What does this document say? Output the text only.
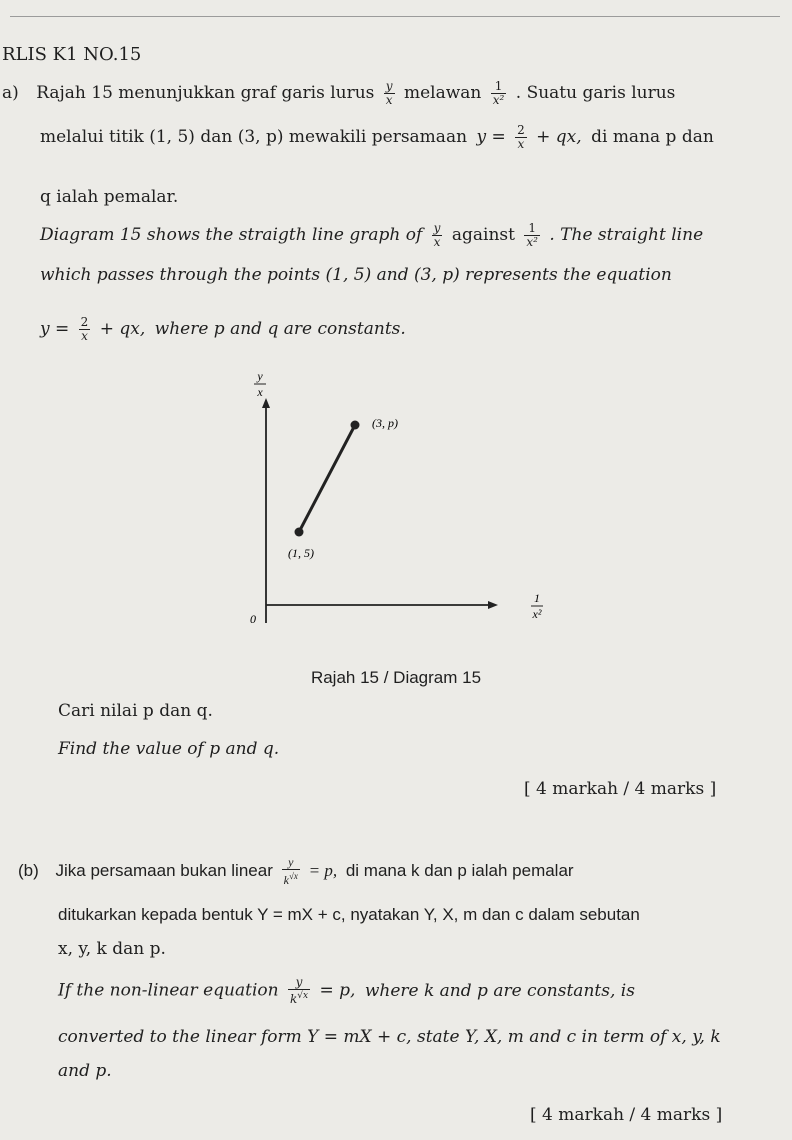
RLIS K1 NO.15
a) Rajah 15 menunjukkan graf garis lurus $\frac{y}{x}$ melawan $\frac{1}{\text{x²}}$ . Suatu garis lurus
melalui titik (1, 5) dan (3, p) mewakili persamaan $y = \frac{2}{x}$ + qx, di mana p dan
q ialah pemalar.
Diagram 15 shows the straigth line graph of $\frac{y}{x}$ against $\frac{1}{\text{x²}}$ . The straight line
which passes through the points (1, 5) and (3, p) represents the equation
$y = \frac{2}{x}$ + qx, where p and q are constants.
y
x
0
1
x²
(1, 5)
(3, p)
Rajah 15 / Diagram 15
Cari nilai p dan q.
Find the value of p and q.
[ 4 markah / 4 marks ]
(b) Jika persamaan bukan linear $\frac{y}{k^{√x}} = p$, di mana k dan p ialah pemalar
ditukarkan kepada bentuk Y = mX + c, nyatakan Y, X, m dan c dalam sebutan
x, y, k dan p.
If the non-linear equation $\frac{y}{k^{√x}} = p$, where k and p are constants, is
converted to the linear form Y = mX + c, state Y, X, m and c in term of x, y, k
and p.
[ 4 markah / 4 marks ]
